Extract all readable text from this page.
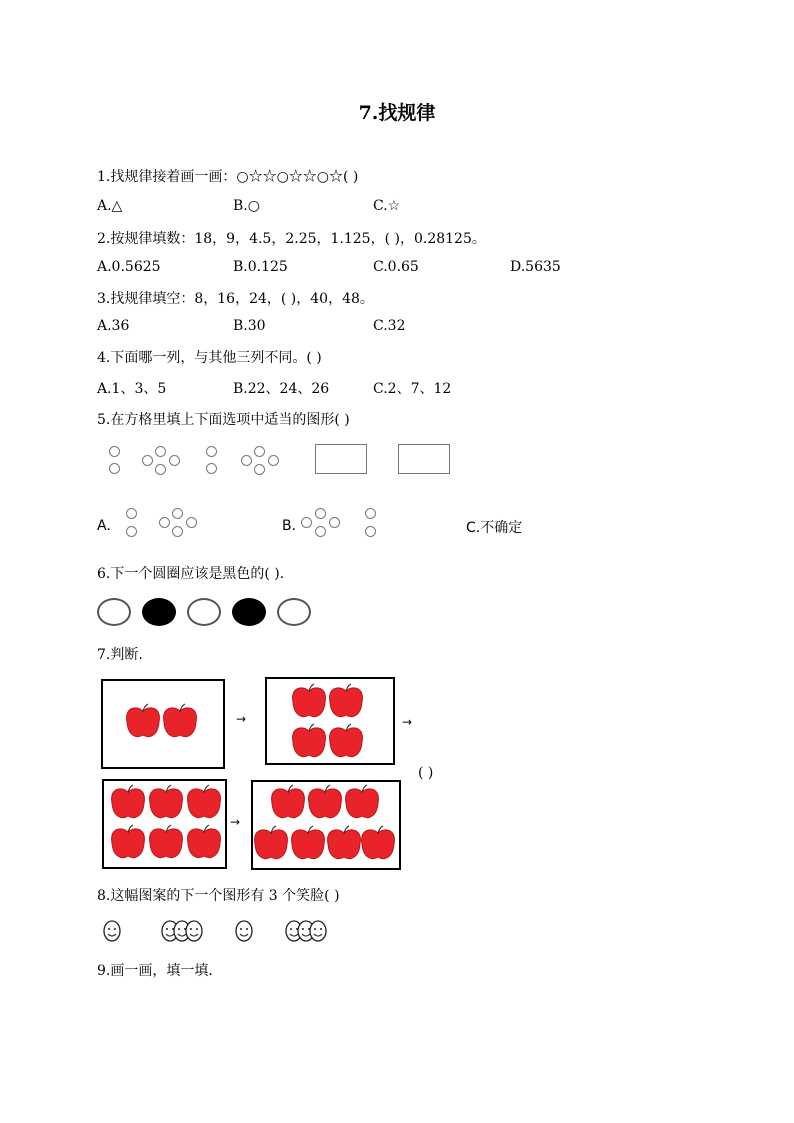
7.找规律
1.找规律接着画一画：○☆☆○☆☆○☆( )
A.△	B.○	C.☆
2.按规律填数：18，9，4.5，2.25，1.125，( )，0.28125。
A.0.5625	B.0.125	C.0.65	D.5635
3.找规律填空：8，16，24，( )，40，48。
A.36	B.30	C.32
4.下面哪一列，与其他三列不同。( )
A.1、3、5	B.22、24、26	C.2、7、12
5.在方格里填上下面选项中适当的图形( )
A.	B.	C.不确定
6.下一个圆圈应该是黑色的( ).
7.判断.
→	→
( )
→
8.这幅图案的下一个图形有 3 个笑脸( )
9.画一画，填一填.
